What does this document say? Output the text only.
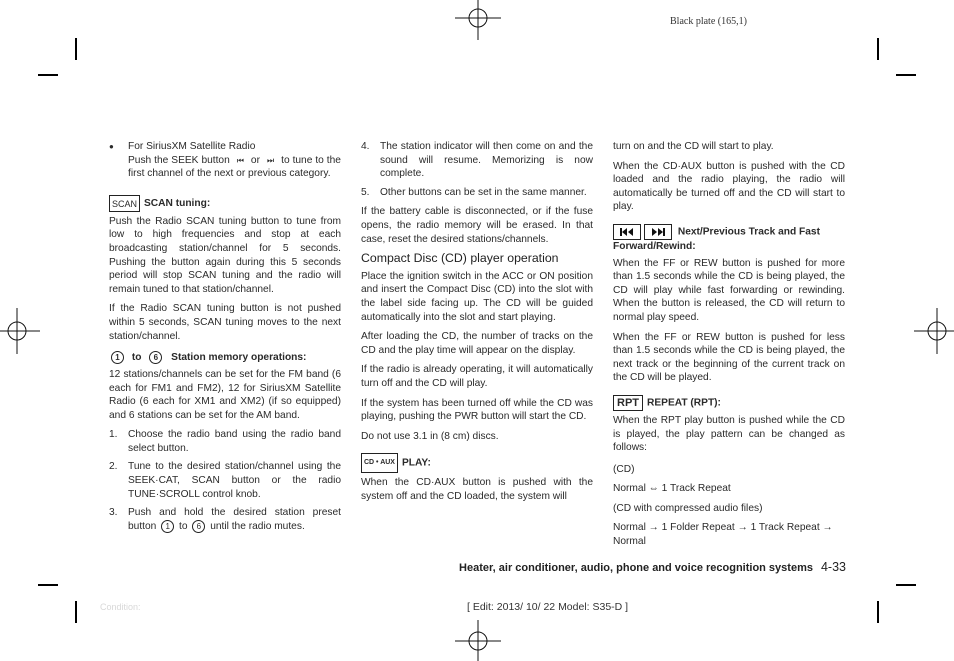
Black plate (165,1)
●	For SiriusXM Satellite Radio

Push the SEEK button ⏮ or ⏭ to tune to the first channel of the next or previous category.

SCAN SCAN tuning:

Push the Radio SCAN tuning button to tune from low to high frequencies and stop at each broadcasting station/channel for 5 seconds. Pushing the button again during this 5 seconds period will stop SCAN tuning and the radio will remain tuned to that station/channel.

If the Radio SCAN tuning button is not pushed within 5 seconds, SCAN tuning moves to the next station/channel.

1 to 6 Station memory operations:

12 stations/channels can be set for the FM band (6 each for FM1 and FM2), 12 for SiriusXM Satellite Radio (6 each for XM1 and XM2) (if so equipped) and 6 stations can be set for the AM band.

1.	Choose the radio band using the radio band select button.
2.	Tune to the desired station/channel using the SEEK·CAT, SCAN button or the radio TUNE·SCROLL control knob.
3.	Push and hold the desired station preset button 1 to 6 until the radio mutes.
4.	The station indicator will then come on and the sound will resume. Memorizing is now complete.
5.	Other buttons can be set in the same manner.

If the battery cable is disconnected, or if the fuse opens, the radio memory will be erased. In that case, reset the desired stations/channels.

Compact Disc (CD) player operation

Place the ignition switch in the ACC or ON position and insert the Compact Disc (CD) into the slot with the label side facing up. The CD will be guided automatically into the slot and start playing.

After loading the CD, the number of tracks on the CD and the play time will appear on the display.

If the radio is already operating, it will automatically turn off and the CD will play.

If the system has been turned off while the CD was playing, pushing the PWR button will start the CD.

Do not use 3.1 in (8 cm) discs.

CD • AUX PLAY:

When the CD·AUX button is pushed with the system off and the CD loaded, the system will

turn on and the CD will start to play.

When the CD·AUX button is pushed with the CD loaded and the radio playing, the radio will automatically be turned off and the CD will start to play.

Next/Previous Track and Fast Forward/Rewind:

When the FF or REW button is pushed for more than 1.5 seconds while the CD is being played, the CD will play while fast forwarding or rewinding. When the button is released, the CD will return to normal play speed.

When the FF or REW button is pushed for less than 1.5 seconds while the CD is being played, the next track or the beginning of the current track on the CD will be played.

RPT REPEAT (RPT):

When the RPT play button is pushed while the CD is played, the play pattern can be changed as follows:

(CD)

Normal ⇔ 1 Track Repeat

(CD with compressed audio files)

Normal → 1 Folder Repeat → 1 Track Repeat → Normal

Heater, air conditioner, audio, phone and voice recognition systems 4-33
Condition:	[ Edit: 2013/ 10/ 22 Model: S35-D ]
